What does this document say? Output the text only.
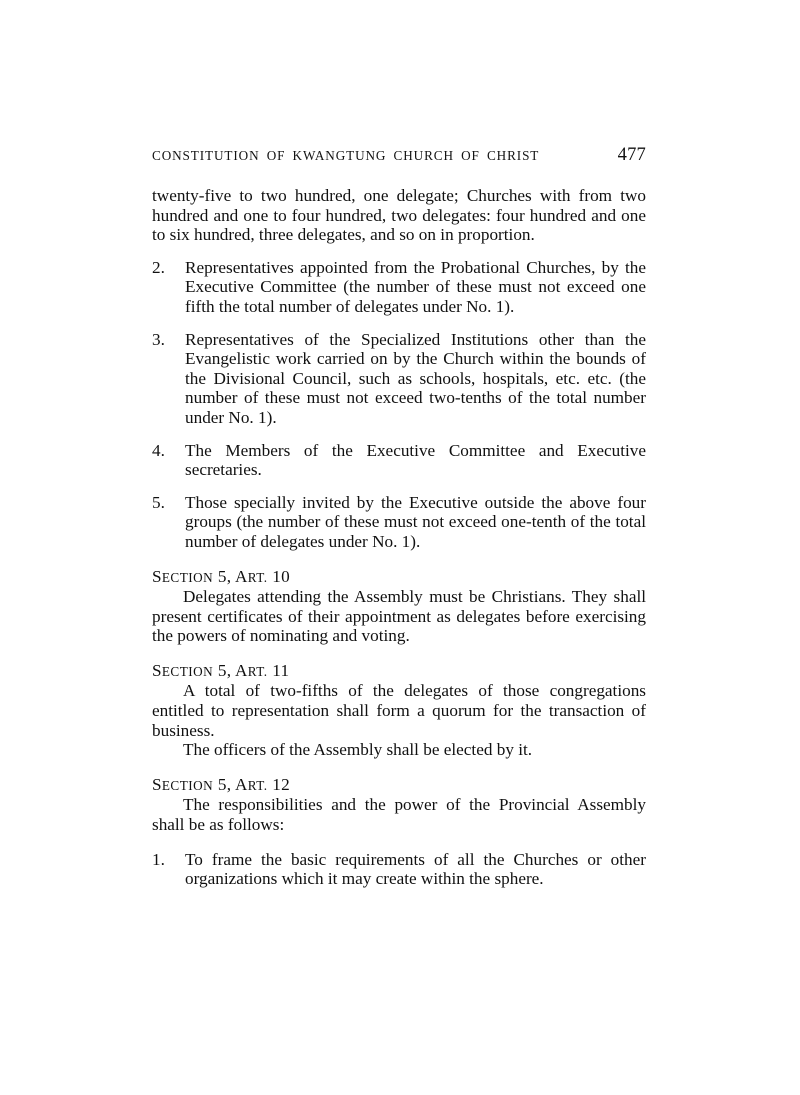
CONSTITUTION OF KWANGTUNG CHURCH OF CHRIST	477

twenty-five to two hundred, one delegate; Churches with from two hundred and one to four hundred, two delegates: four hundred and one to six hundred, three delegates, and so on in proportion.

2. Representatives appointed from the Probational Churches, by the Executive Committee (the number of these must not exceed one fifth the total number of delegates under No. 1).
3. Representatives of the Specialized Institutions other than the Evangelistic work carried on by the Church within the bounds of the Divisional Council, such as schools, hospitals, etc. etc. (the number of these must not exceed two-tenths of the total number under No. 1).
4. The Members of the Executive Committee and Executive secretaries.
5. Those specially invited by the Executive outside the above four groups (the number of these must not exceed one-tenth of the total number of delegates under No. 1).

SECTION 5, ART. 10

Delegates attending the Assembly must be Christians. They shall present certificates of their appointment as delegates before exercising the powers of nominating and voting.

SECTION 5, ART. 11

A total of two-fifths of the delegates of those congregations entitled to representation shall form a quorum for the transaction of business.

The officers of the Assembly shall be elected by it.

SECTION 5, ART. 12

The responsibilities and the power of the Provincial Assembly shall be as follows:

1. To frame the basic requirements of all the Churches or other organizations which it may create within the sphere.
